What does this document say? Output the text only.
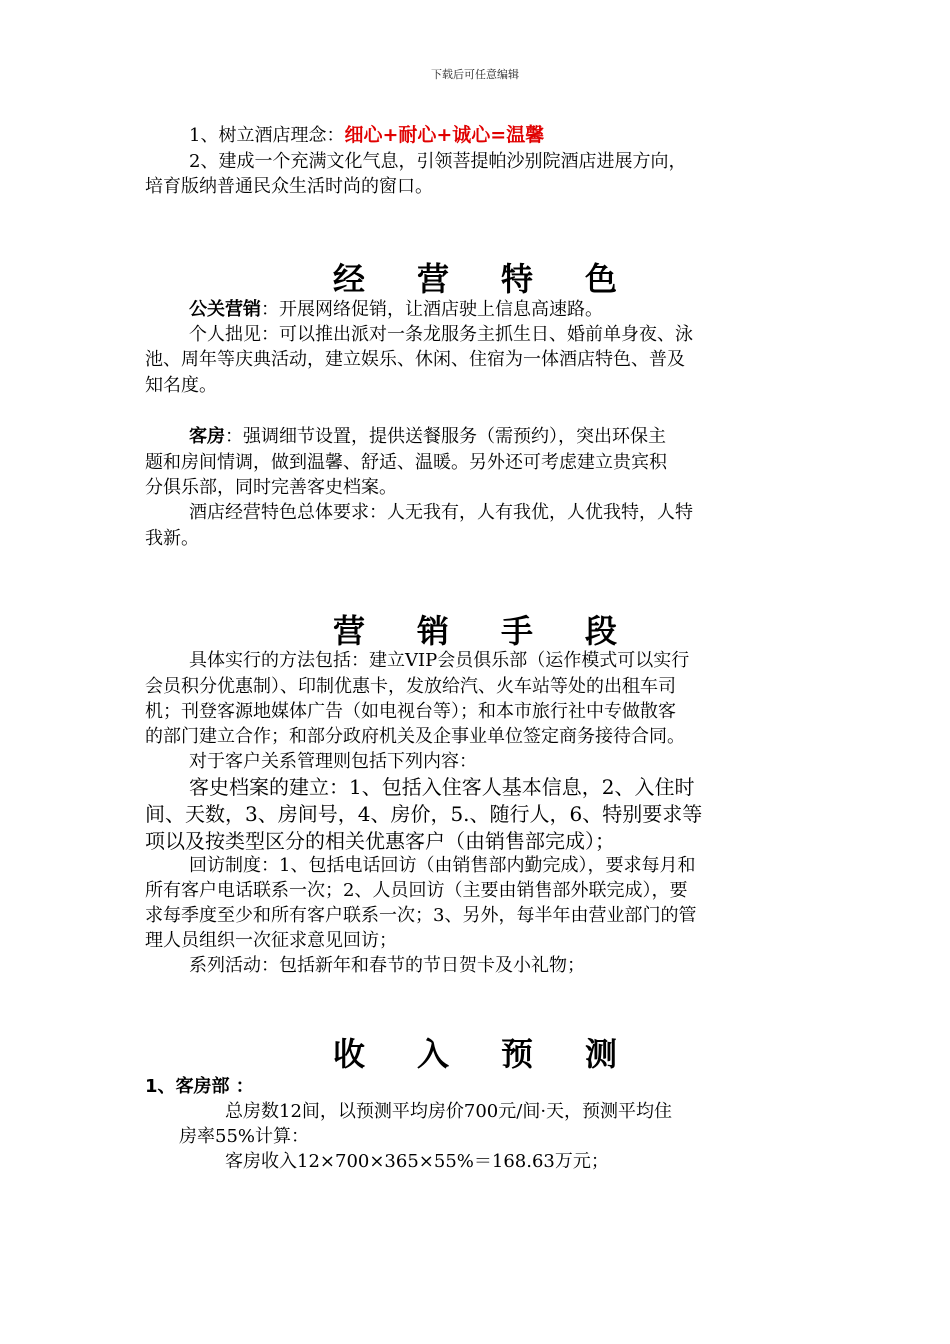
下载后可任意编辑
1、树立酒店理念：细心+耐心+诚心=温馨
2、建成一个充满文化气息，引领菩提帕沙别院酒店进展方向，
培育版纳普通民众生活时尚的窗口。
经营特色
公关营销：开展网络促销，让酒店驶上信息高速路。
个人拙见：可以推出派对一条龙服务主抓生日、婚前单身夜、泳
池、周年等庆典活动，建立娱乐、休闲、住宿为一体酒店特色、普及
知名度。
客房：强调细节设置，提供送餐服务（需预约），突出环保主
题和房间情调，做到温馨、舒适、温暖。另外还可考虑建立贵宾积
分俱乐部，同时完善客史档案。
酒店经营特色总体要求：人无我有，人有我优，人优我特，人特
我新。
营销手段
具体实行的方法包括：建立VIP会员俱乐部（运作模式可以实行
会员积分优惠制）、印制优惠卡，发放给汽、火车站等处的出租车司
机；刊登客源地媒体广告（如电视台等）；和本市旅行社中专做散客
的部门建立合作；和部分政府机关及企事业单位签定商务接待合同。
对于客户关系管理则包括下列内容：
客史档案的建立：1、包括入住客人基本信息，2、入住时
间、天数，3、房间号，4、房价，5.、随行人，6、特别要求等
项以及按类型区分的相关优惠客户（由销售部完成）；
回访制度：1、包括电话回访（由销售部内勤完成），要求每月和
所有客户电话联系一次；2、人员回访（主要由销售部外联完成），要
求每季度至少和所有客户联系一次；3、另外，每半年由营业部门的管
理人员组织一次征求意见回访；
系列活动：包括新年和春节的节日贺卡及小礼物；
收入预测
1、客房部 ：
总房数12间，以预测平均房价700元/间·天，预测平均住
房率55%计算：
客房收入12×700×365×55%＝168.63万元；
